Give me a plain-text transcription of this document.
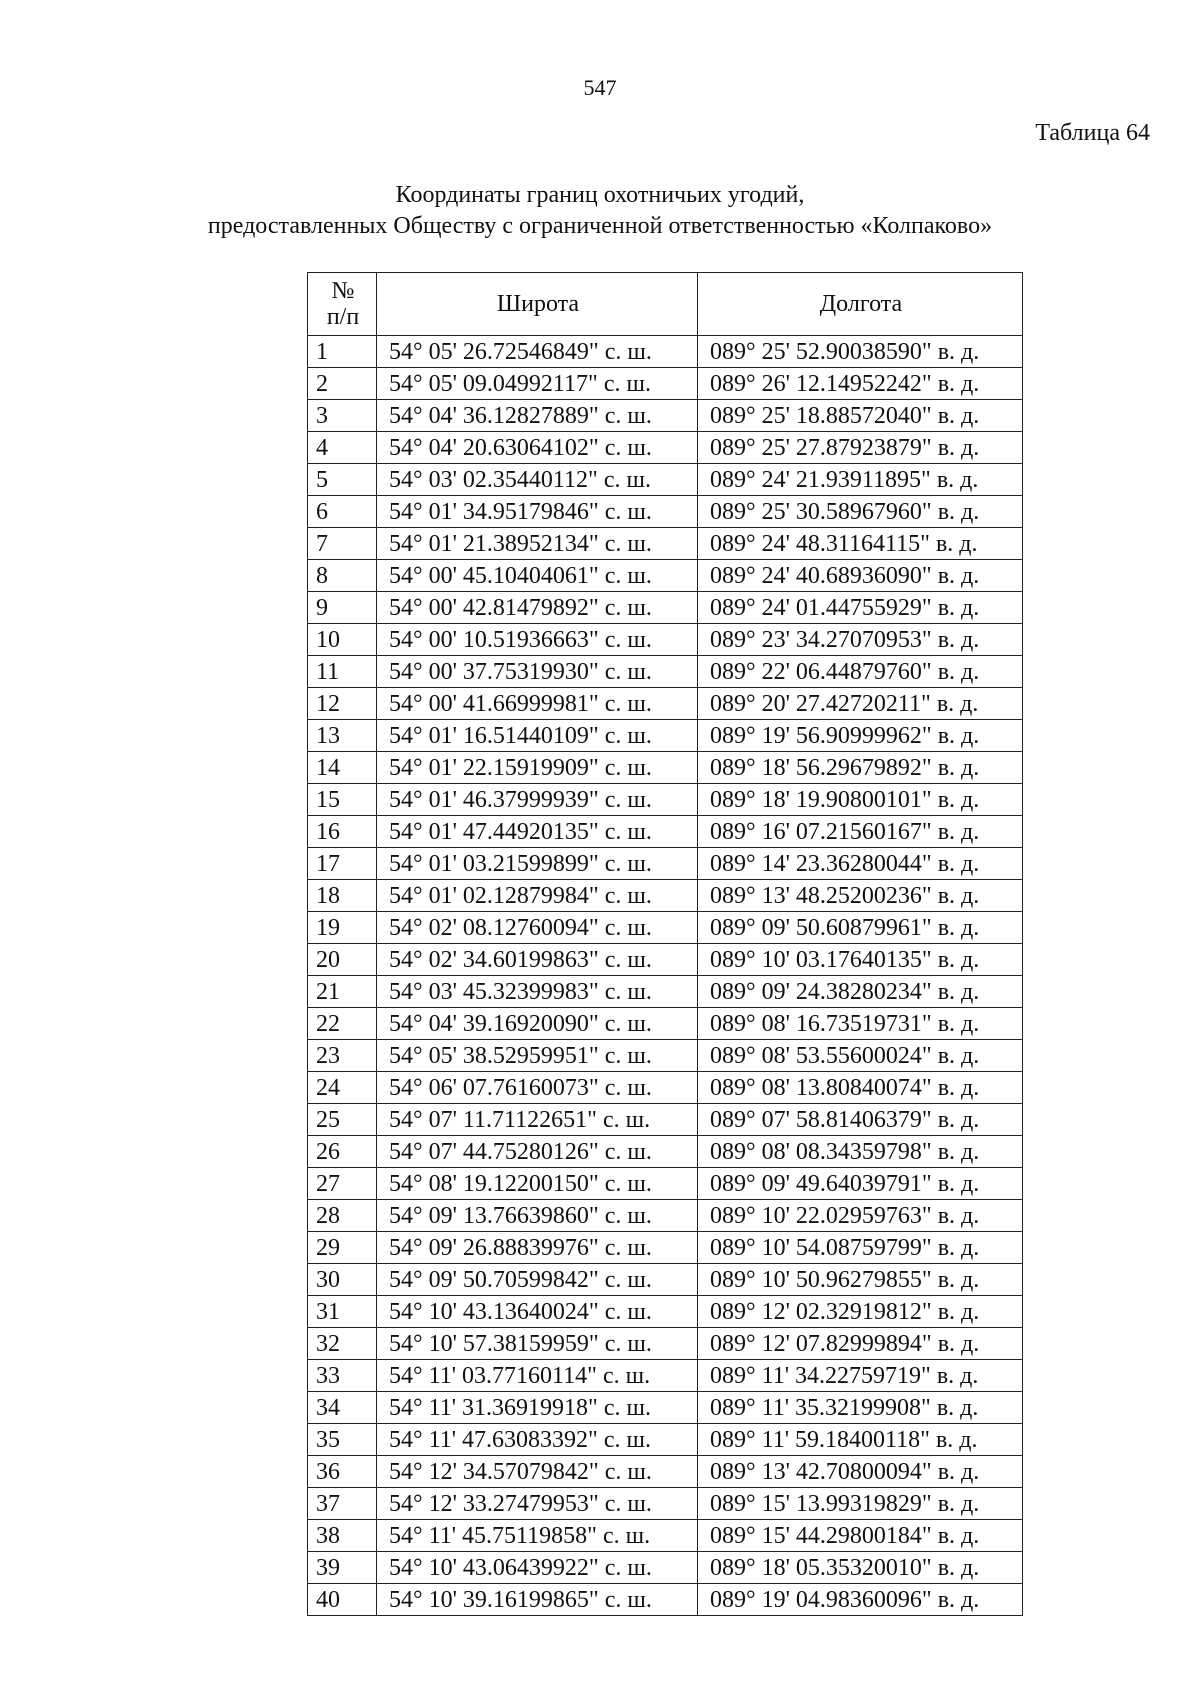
547
Таблица 64
Координаты границ охотничьих угодий,
предоставленных Обществу с ограниченной ответственностью «Колпаково»
№
п/п	Широта	Долгота
1	54° 05' 26.72546849" с. ш.	089° 25' 52.90038590" в. д.
2	54° 05' 09.04992117" с. ш.	089° 26' 12.14952242" в. д.
3	54° 04' 36.12827889" с. ш.	089° 25' 18.88572040" в. д.
4	54° 04' 20.63064102" с. ш.	089° 25' 27.87923879" в. д.
5	54° 03' 02.35440112" с. ш.	089° 24' 21.93911895" в. д.
6	54° 01' 34.95179846" с. ш.	089° 25' 30.58967960" в. д.
7	54° 01' 21.38952134" с. ш.	089° 24' 48.31164115" в. д.
8	54° 00' 45.10404061" с. ш.	089° 24' 40.68936090" в. д.
9	54° 00' 42.81479892" с. ш.	089° 24' 01.44755929" в. д.
10	54° 00' 10.51936663" с. ш.	089° 23' 34.27070953" в. д.
11	54° 00' 37.75319930" с. ш.	089° 22' 06.44879760" в. д.
12	54° 00' 41.66999981" с. ш.	089° 20' 27.42720211" в. д.
13	54° 01' 16.51440109" с. ш.	089° 19' 56.90999962" в. д.
14	54° 01' 22.15919909" с. ш.	089° 18' 56.29679892" в. д.
15	54° 01' 46.37999939" с. ш.	089° 18' 19.90800101" в. д.
16	54° 01' 47.44920135" с. ш.	089° 16' 07.21560167" в. д.
17	54° 01' 03.21599899" с. ш.	089° 14' 23.36280044" в. д.
18	54° 01' 02.12879984" с. ш.	089° 13' 48.25200236" в. д.
19	54° 02' 08.12760094" с. ш.	089° 09' 50.60879961" в. д.
20	54° 02' 34.60199863" с. ш.	089° 10' 03.17640135" в. д.
21	54° 03' 45.32399983" с. ш.	089° 09' 24.38280234" в. д.
22	54° 04' 39.16920090" с. ш.	089° 08' 16.73519731" в. д.
23	54° 05' 38.52959951" с. ш.	089° 08' 53.55600024" в. д.
24	54° 06' 07.76160073" с. ш.	089° 08' 13.80840074" в. д.
25	54° 07' 11.71122651" с. ш.	089° 07' 58.81406379" в. д.
26	54° 07' 44.75280126" с. ш.	089° 08' 08.34359798" в. д.
27	54° 08' 19.12200150" с. ш.	089° 09' 49.64039791" в. д.
28	54° 09' 13.76639860" с. ш.	089° 10' 22.02959763" в. д.
29	54° 09' 26.88839976" с. ш.	089° 10' 54.08759799" в. д.
30	54° 09' 50.70599842" с. ш.	089° 10' 50.96279855" в. д.
31	54° 10' 43.13640024" с. ш.	089° 12' 02.32919812" в. д.
32	54° 10' 57.38159959" с. ш.	089° 12' 07.82999894" в. д.
33	54° 11' 03.77160114" с. ш.	089° 11' 34.22759719" в. д.
34	54° 11' 31.36919918" с. ш.	089° 11' 35.32199908" в. д.
35	54° 11' 47.63083392" с. ш.	089° 11' 59.18400118" в. д.
36	54° 12' 34.57079842" с. ш.	089° 13' 42.70800094" в. д.
37	54° 12' 33.27479953" с. ш.	089° 15' 13.99319829" в. д.
38	54° 11' 45.75119858" с. ш.	089° 15' 44.29800184" в. д.
39	54° 10' 43.06439922" с. ш.	089° 18' 05.35320010" в. д.
40	54° 10' 39.16199865" с. ш.	089° 19' 04.98360096" в. д.
